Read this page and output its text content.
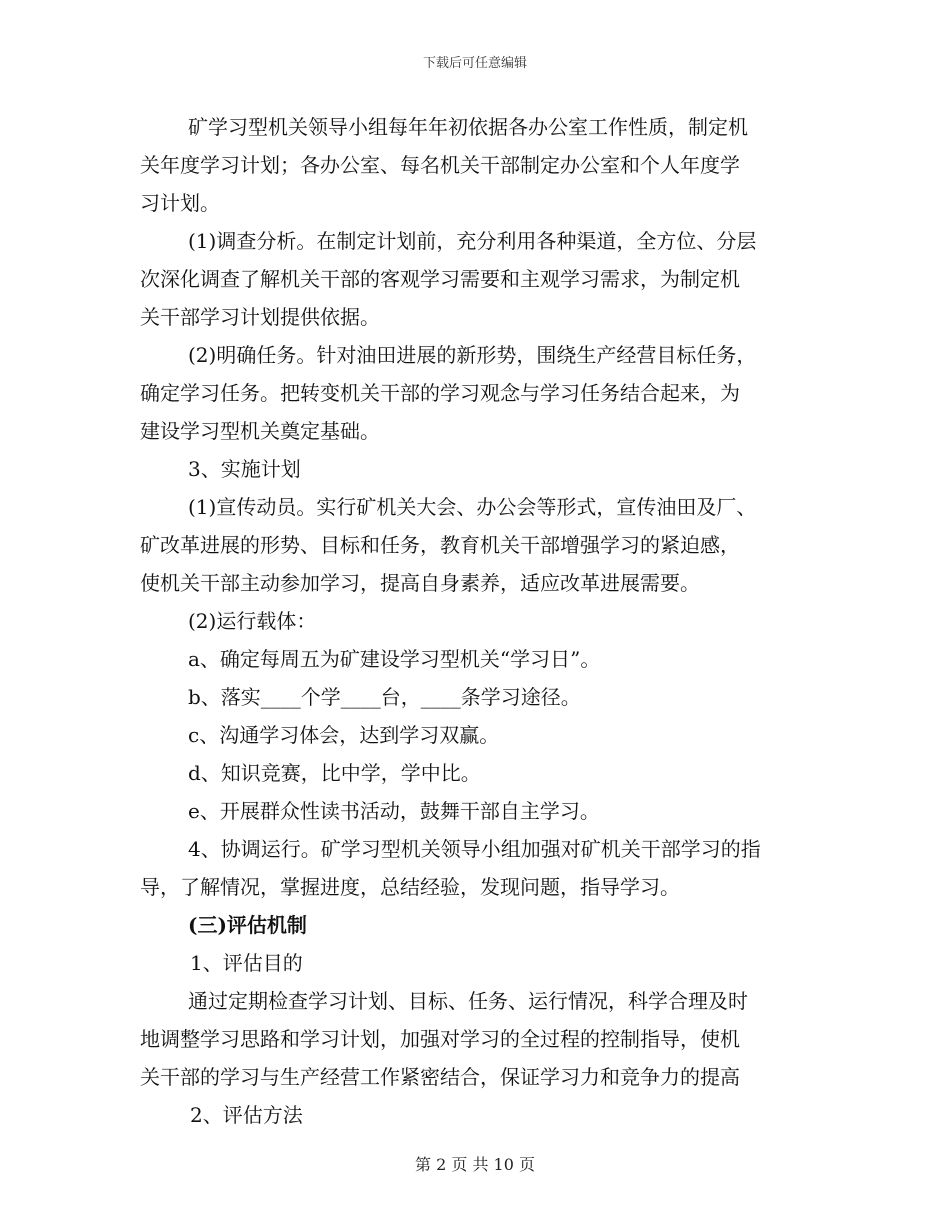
下载后可任意编辑
矿学习型机关领导小组每年年初依据各办公室工作性质，制定机
关年度学习计划；各办公室、每名机关干部制定办公室和个人年度学
习计划。
(1)调查分析。在制定计划前，充分利用各种渠道，全方位、分层
次深化调查了解机关干部的客观学习需要和主观学习需求，为制定机
关干部学习计划提供依据。
(2)明确任务。针对油田进展的新形势，围绕生产经营目标任务，
确定学习任务。把转变机关干部的学习观念与学习任务结合起来，为
建设学习型机关奠定基础。
3、实施计划
(1)宣传动员。实行矿机关大会、办公会等形式，宣传油田及厂、
矿改革进展的形势、目标和任务，教育机关干部增强学习的紧迫感，
使机关干部主动参加学习，提高自身素养，适应改革进展需要。
(2)运行载体：
a、确定每周五为矿建设学习型机关“学习日”。
b、落实____个学____台，____条学习途径。
c、沟通学习体会，达到学习双赢。
d、知识竞赛，比中学，学中比。
e、开展群众性读书活动，鼓舞干部自主学习。
4、协调运行。矿学习型机关领导小组加强对矿机关干部学习的指
导，了解情况，掌握进度，总结经验，发现问题，指导学习。
(三)评估机制
1、评估目的
通过定期检查学习计划、目标、任务、运行情况，科学合理及时
地调整学习思路和学习计划，加强对学习的全过程的控制指导，使机
关干部的学习与生产经营工作紧密结合，保证学习力和竞争力的提高
2、评估方法
第 2 页 共 10 页
